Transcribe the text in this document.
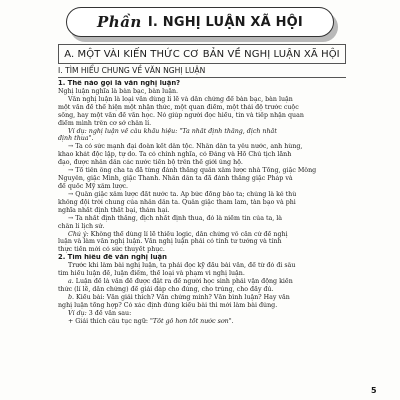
Phần I. NGHỊ LUẬN XÃ HỘI
A. MỘT VÀI KIẾN THỨC CƠ BẢN VỀ NGHỊ LUẬN XÃ HỘI
I. TÌM HIỂU CHUNG VỀ VĂN NGHỊ LUẬN
1. Thế nào gọi là văn nghị luận?
Nghị luận nghĩa là bàn bạc, bàn luận.
Văn nghị luận là loại văn dùng lí lẽ và dẫn chứng để bàn bạc, bàn luận
một vấn đề thể hiện một nhận thức, một quan điểm, một thái độ trước cuộc
sống, hay một vấn đề văn học. Nó giúp người đọc hiểu, tin và tiếp nhận quan
điểm mình trên cơ sở chân lí.
Ví dụ: nghị luận về câu khẩu hiệu: "Ta nhất định thắng, địch nhất
định thua".
→ Ta có sức mạnh đại đoàn kết dân tộc. Nhân dân ta yêu nước, anh hùng,
khao khát độc lập, tự do. Ta có chính nghĩa, có Đảng và Hồ Chủ tịch lãnh
đạo, được nhân dân các nước tiến bộ trên thế giới ủng hộ.
→ Tổ tiên ông cha ta đã từng đánh thắng quân xâm lược nhà Tống, giặc Mông
Nguyên, giặc Minh, giặc Thanh. Nhân dân ta đã đánh thắng giặc Pháp và
để quốc Mỹ xâm lược.
→ Quân giặc xâm lược đất nước ta. Áp bức đồng bào ta; chúng là kẻ thù
không đội trời chung của nhân dân ta. Quân giặc tham lam, tàn bạo và phi
nghĩa nhất định thất bại, thảm hại.
→ Ta nhất định thắng, địch nhất định thua, đó là niềm tin của ta, là
chân lí lịch sử.
Chú ý: Không thể dùng lí lẽ thiếu logic, dẫn chứng vô căn cứ để nghị
luận và làm văn nghị luận. Văn nghị luận phải có tính tư tưởng và tính
thực tiễn mới có sức thuyết phục.
2. Tìm hiểu đề văn nghị luận
Trước khi làm bài nghị luận, ta phải đọc kỹ đầu bài văn, để từ đó đi sâu
tìm hiểu luận đề, luận điểm, thể loại và phạm vi nghị luận.
a. Luận đề là vấn đề được đặt ra để người học sinh phải vận động kiến
thức (lí lẽ, dẫn chứng) để giải đáp cho đúng, cho trúng, cho đầy đủ.
b. Kiểu bài: Văn giải thích? Văn chứng minh? Văn bình luận? Hay văn
nghị luận tổng hợp? Có xác định đúng kiểu bài thì mới làm bài đúng.
Ví dụ: 3 đề văn sau:
+ Giải thích câu tục ngữ: "Tốt gỗ hơn tốt nước sơn".
5
